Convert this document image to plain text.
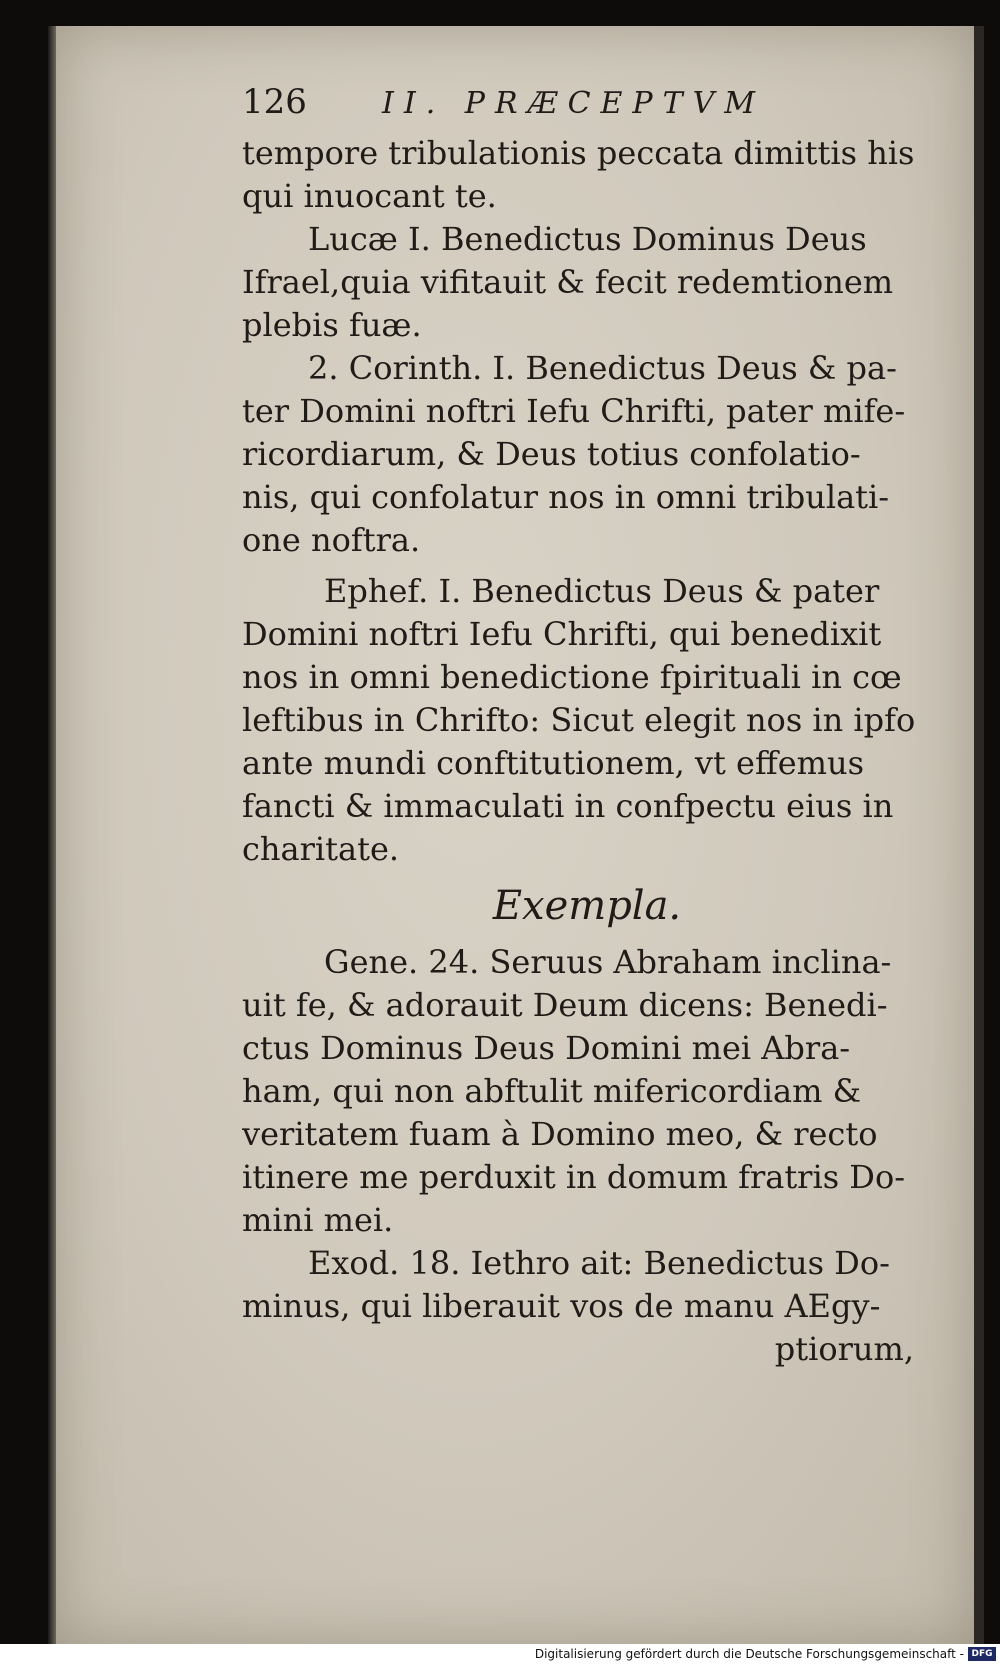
126	II. PRÆCEPTVM
tempore tribulationis peccata dimittis his
qui inuocant te.
Lucæ I. Benedictus Dominus Deus
Ifrael,quia vifitauit & fecit redemtionem
plebis fuæ.
2. Corinth. I. Benedictus Deus & pa-
ter Domini noftri Iefu Chrifti, pater mife-
ricordiarum, & Deus totius confolatio-
nis, qui confolatur nos in omni tribulati-
one noftra.
Ephef. I. Benedictus Deus & pater
Domini noftri Iefu Chrifti, qui benedixit
nos in omni benedictione fpirituali in cœ
leftibus in Chrifto: Sicut elegit nos in ipfo
ante mundi conftitutionem, vt effemus
fancti & immaculati in confpectu eius in
charitate.
Exempla.
Gene. 24. Seruus Abraham inclina-
uit fe, & adorauit Deum dicens: Benedi-
ctus Dominus Deus Domini mei Abra-
ham, qui non abftulit mifericordiam &
veritatem fuam à Domino meo, & recto
itinere me perduxit in domum fratris Do-
mini mei.
Exod. 18. Iethro ait: Benedictus Do-
minus, qui liberauit vos de manu AEgy-
ptiorum,
Digitalisierung gefördert durch die Deutsche Forschungsgemeinschaft - DFG
